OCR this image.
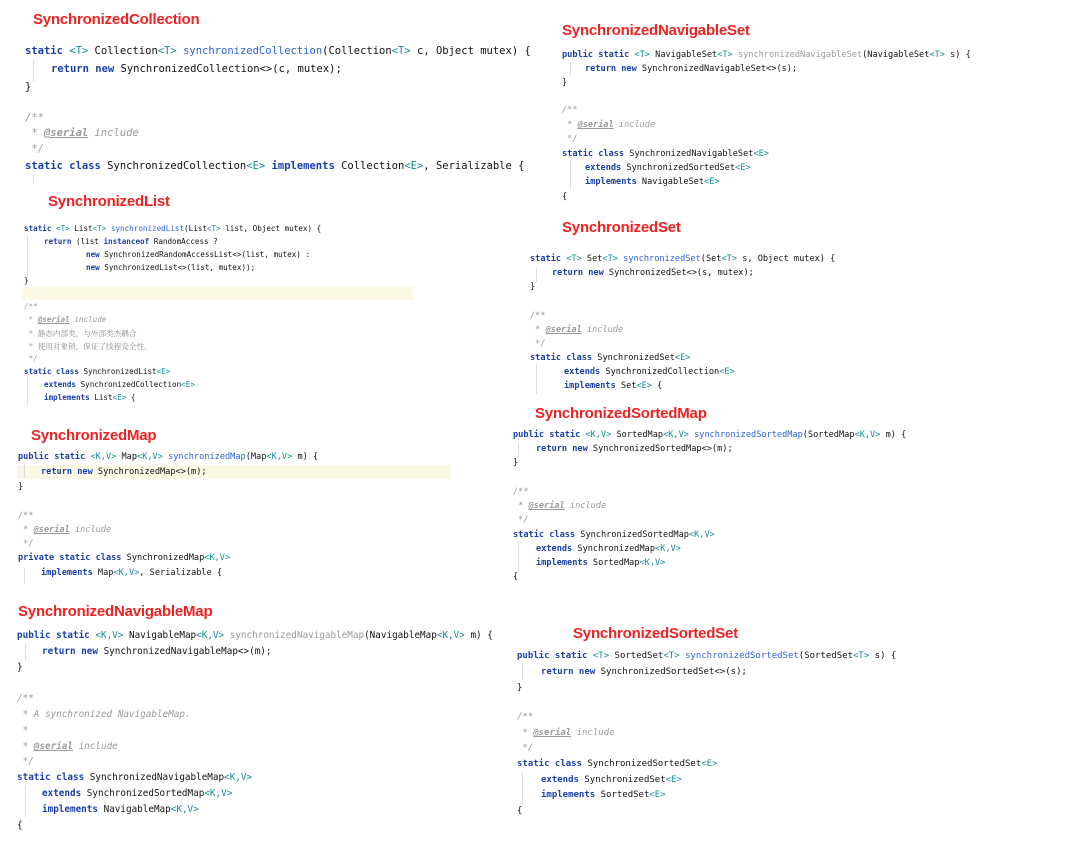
SynchronizedCollection

static <T> Collection<T> synchronizedCollection(Collection<T> c, Object mutex) {

return new SynchronizedCollection<>(c, mutex);

}

/**

* @serial include

*/

static class SynchronizedCollection<E> implements Collection<E>, Serializable {

SynchronizedNavigableSet

public static <T> NavigableSet<T> synchronizedNavigableSet(NavigableSet<T> s) {

return new SynchronizedNavigableSet<>(s);

}

/**

* @serial include

*/

static class SynchronizedNavigableSet<E>

extends SynchronizedSortedSet<E>

implements NavigableSet<E>

{

SynchronizedList

static <T> List<T> synchronizedList(List<T> list, Object mutex) {

return (list instanceof RandomAccess ?

new SynchronizedRandomAccessList<>(list, mutex) :

new SynchronizedList<>(list, mutex));

}

/**

* @serial include

* 静态内部类，与外部类杰耦合

* 使用对象锁，保证了线程安全性。

*/

static class SynchronizedList<E>

extends SynchronizedCollection<E>

implements List<E> {

SynchronizedSet

static <T> Set<T> synchronizedSet(Set<T> s, Object mutex) {

return new SynchronizedSet<>(s, mutex);

}

/**

* @serial include

*/

static class SynchronizedSet<E>

extends SynchronizedCollection<E>

implements Set<E> {

SynchronizedMap

public static <K,V> Map<K,V> synchronizedMap(Map<K,V> m) {

return new SynchronizedMap<>(m);

}

/**

* @serial include

*/

private static class SynchronizedMap<K,V>

implements Map<K,V>, Serializable {

SynchronizedSortedMap

public static <K,V> SortedMap<K,V> synchronizedSortedMap(SortedMap<K,V> m) {

return new SynchronizedSortedMap<>(m);

}

/**

* @serial include

*/

static class SynchronizedSortedMap<K,V>

extends SynchronizedMap<K,V>

implements SortedMap<K,V>

{

SynchronizedNavigableMap

public static <K,V> NavigableMap<K,V> synchronizedNavigableMap(NavigableMap<K,V> m) {

return new SynchronizedNavigableMap<>(m);

}

/**

* A synchronized NavigableMap.

*

* @serial include

*/

static class SynchronizedNavigableMap<K,V>

extends SynchronizedSortedMap<K,V>

implements NavigableMap<K,V>

{

SynchronizedSortedSet

public static <T> SortedSet<T> synchronizedSortedSet(SortedSet<T> s) {

return new SynchronizedSortedSet<>(s);

}

/**

* @serial include

*/

static class SynchronizedSortedSet<E>

extends SynchronizedSet<E>

implements SortedSet<E>

{
